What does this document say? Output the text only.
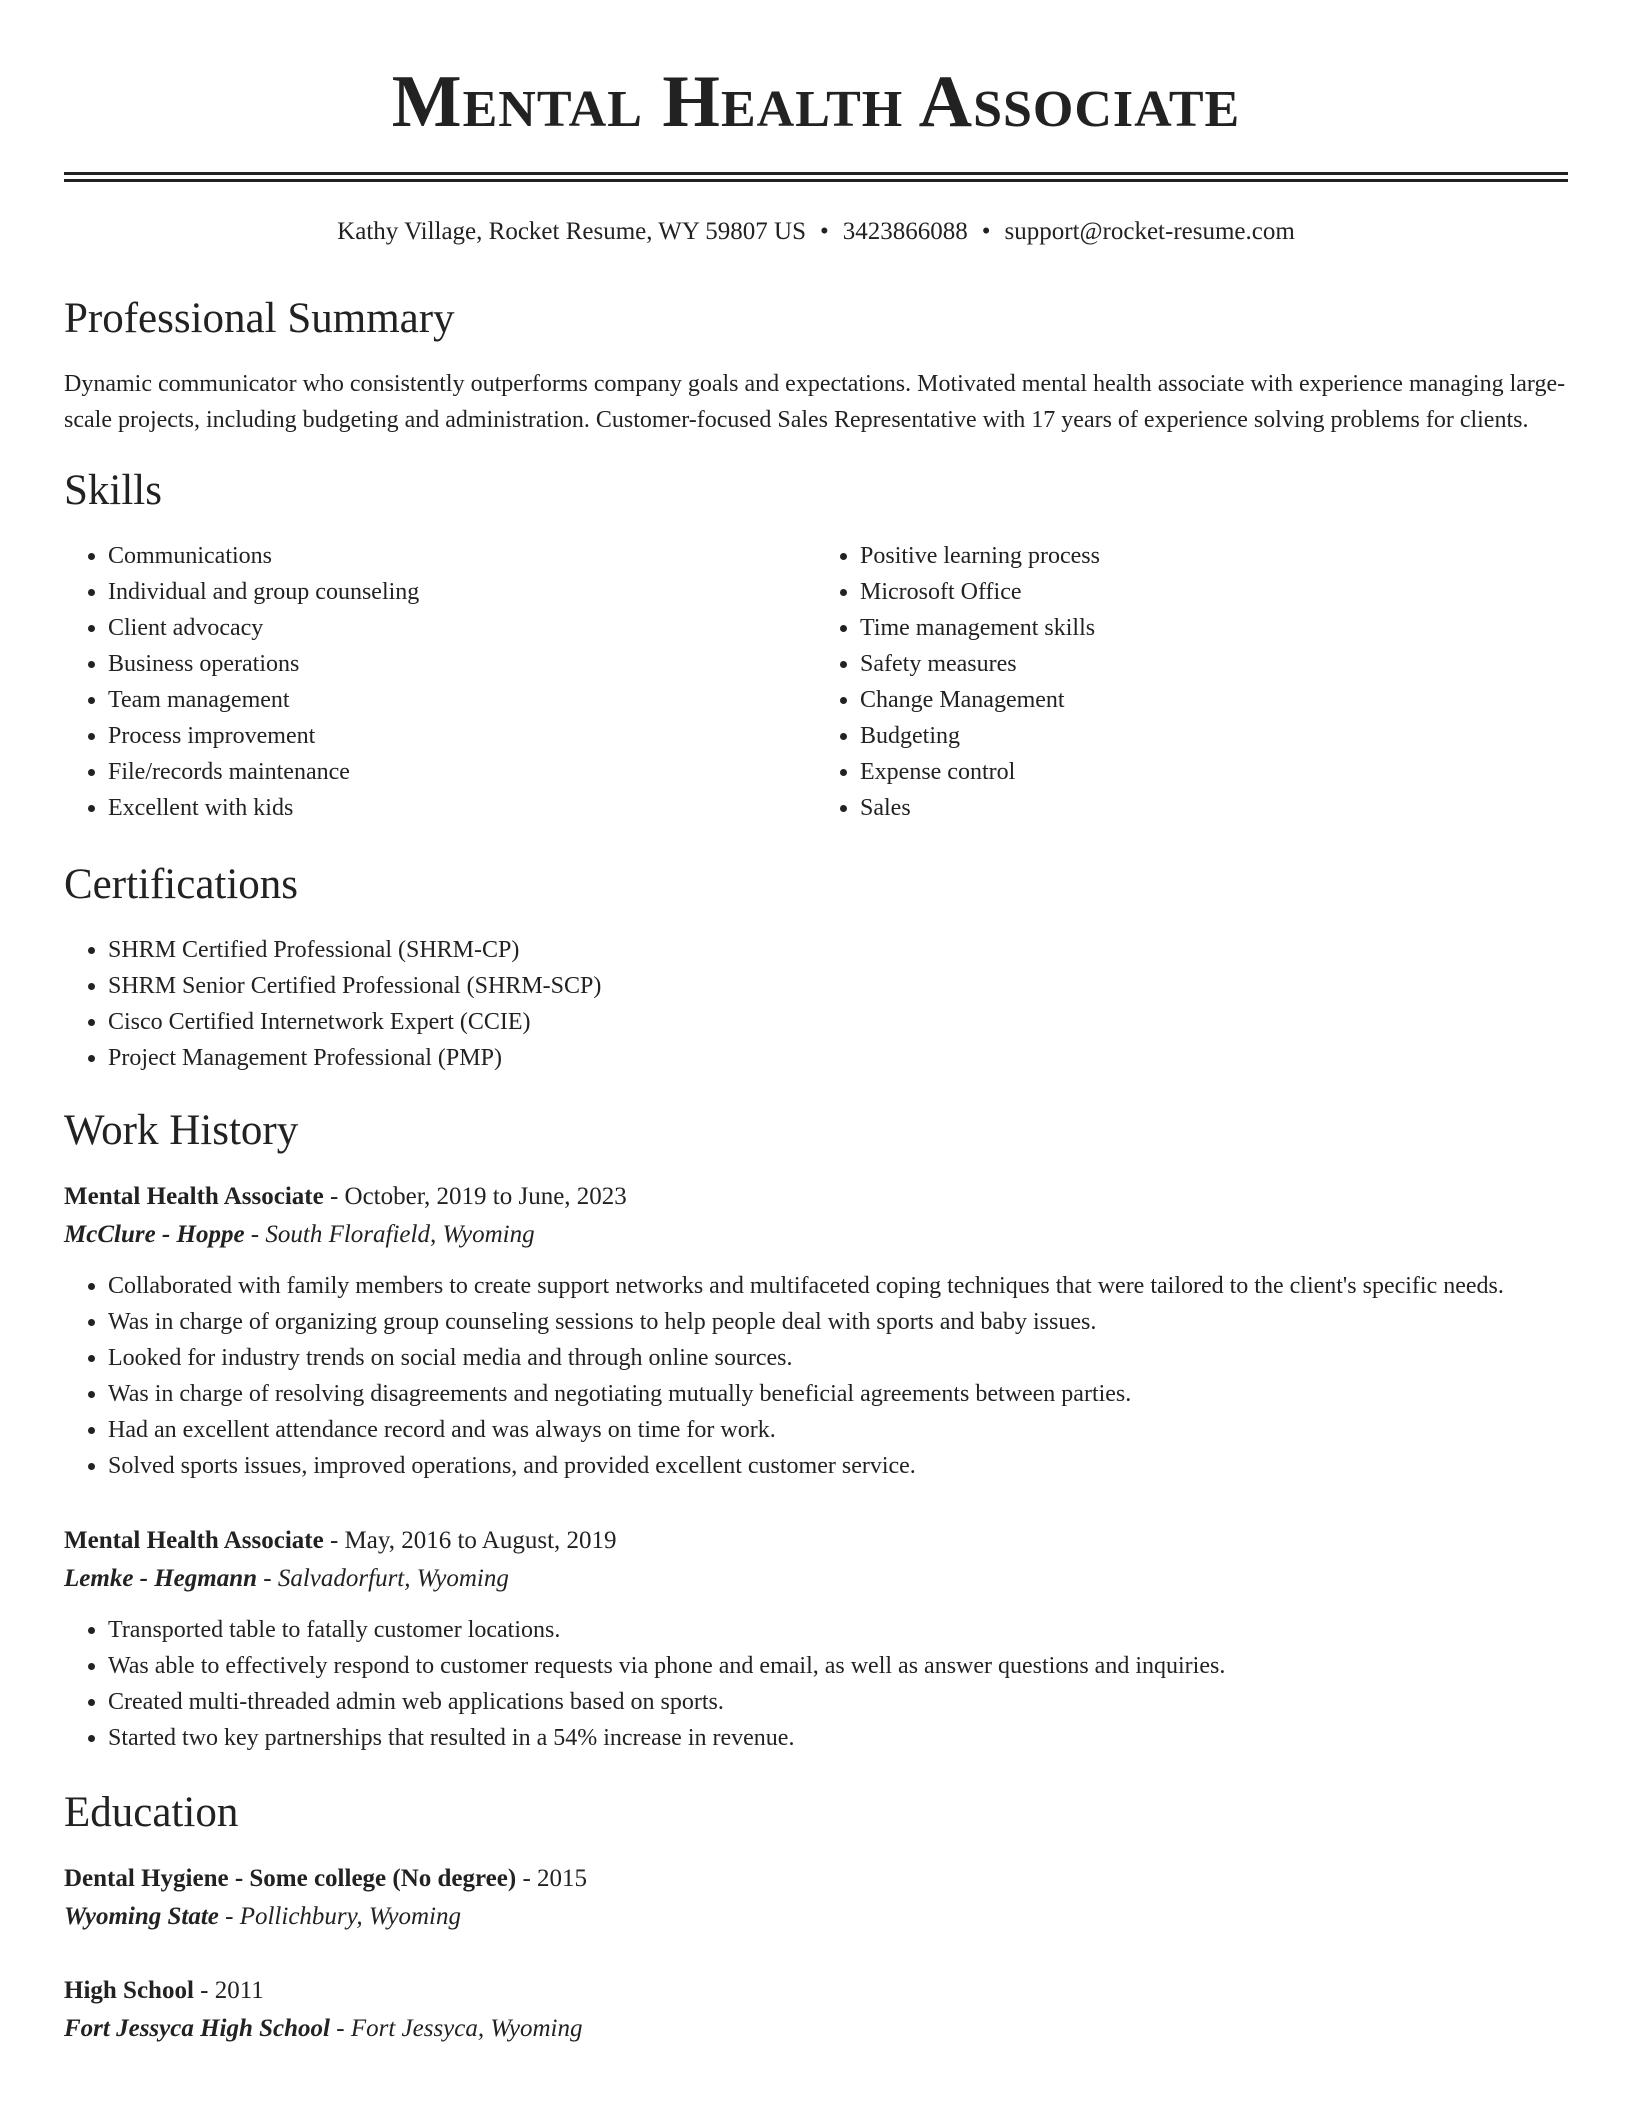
Mental Health Associate
Kathy Village, Rocket Resume, WY 59807 US • 3423866088 • support@rocket-resume.com
Professional Summary

Dynamic communicator who consistently outperforms company goals and expectations. Motivated mental health associate with experience managing large-scale projects, including budgeting and administration. Customer-focused Sales Representative with 17 years of experience solving problems for clients.

Skills
• Communications
• Individual and group counseling
• Client advocacy
• Business operations
• Team management
• Process improvement
• File/records maintenance
• Excellent with kids
• Positive learning process
• Microsoft Office
• Time management skills
• Safety measures
• Change Management
• Budgeting
• Expense control
• Sales
Certifications
• SHRM Certified Professional (SHRM-CP)
• SHRM Senior Certified Professional (SHRM-SCP)
• Cisco Certified Internetwork Expert (CCIE)
• Project Management Professional (PMP)
Work History
Mental Health Associate - October, 2019 to June, 2023
McClure - Hoppe - South Florafield, Wyoming
• Collaborated with family members to create support networks and multifaceted coping techniques that were tailored to the client's specific needs.
• Was in charge of organizing group counseling sessions to help people deal with sports and baby issues.
• Looked for industry trends on social media and through online sources.
• Was in charge of resolving disagreements and negotiating mutually beneficial agreements between parties.
• Had an excellent attendance record and was always on time for work.
• Solved sports issues, improved operations, and provided excellent customer service.
Mental Health Associate - May, 2016 to August, 2019
Lemke - Hegmann - Salvadorfurt, Wyoming
• Transported table to fatally customer locations.
• Was able to effectively respond to customer requests via phone and email, as well as answer questions and inquiries.
• Created multi-threaded admin web applications based on sports.
• Started two key partnerships that resulted in a 54% increase in revenue.
Education
Dental Hygiene - Some college (No degree) - 2015
Wyoming State - Pollichbury, Wyoming
High School - 2011
Fort Jessyca High School - Fort Jessyca, Wyoming
